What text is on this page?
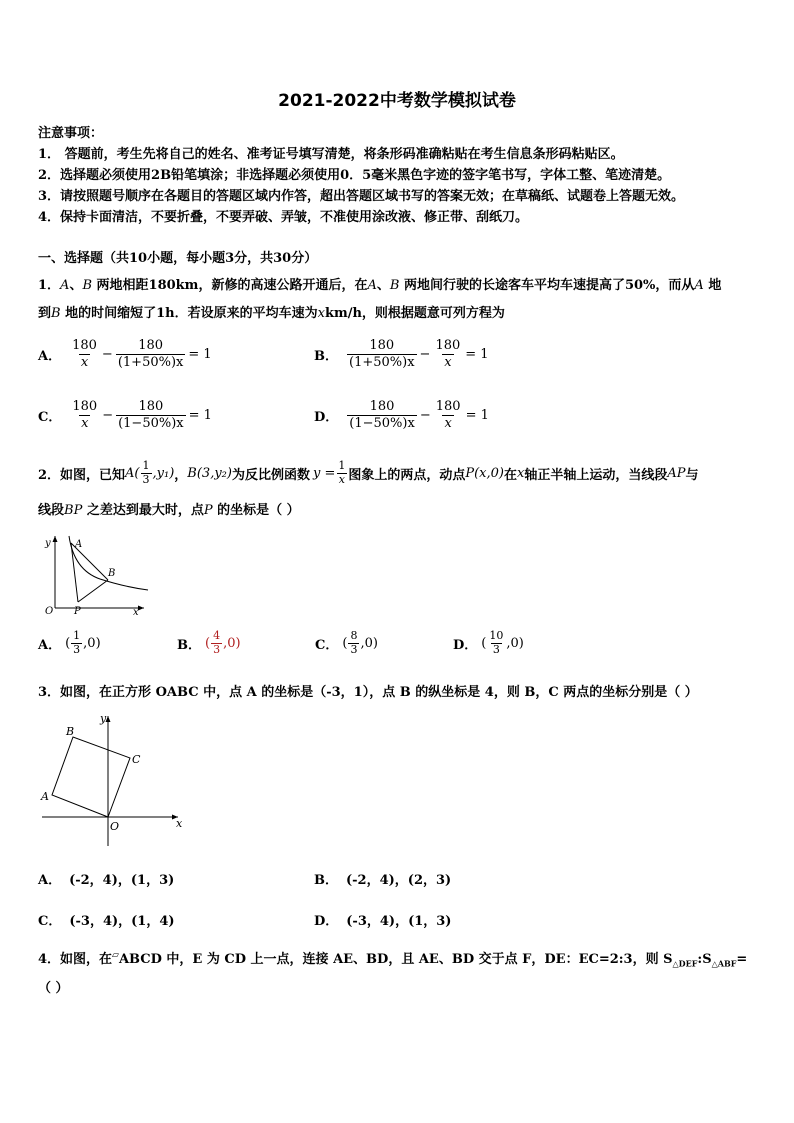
2021-2022中考数学模拟试卷
注意事项：
1． 答题前，考生先将自己的姓名、准考证号填写清楚，将条形码准确粘贴在考生信息条形码粘贴区。
2．选择题必须使用2B铅笔填涂；非选择题必须使用0．5毫米黑色字迹的签字笔书写，字体工整、笔迹清楚。
3．请按照题号顺序在各题目的答题区域内作答，超出答题区域书写的答案无效；在草稿纸、试题卷上答题无效。
4．保持卡面清洁，不要折叠，不要弄破、弄皱，不准使用涂改液、修正带、刮纸刀。
一、选择题（共10小题，每小题3分，共30分）
1．A、B 两地相距180km，新修的高速公路开通后，在A、B 两地间行驶的长途客车平均车速提高了50%，而从A 地
到B 地的时间缩短了1h．若设原来的平均车速为xkm/h，则根据题意可列方程为
A． $\frac{180}{x} - \frac{180}{(1+50\%)x} = 1$	B． $\frac{180}{(1+50\%)x} - \frac{180}{x} = 1$
C． $\frac{180}{x} - \frac{180}{(1-50\%)x} = 1$	D． $\frac{180}{(1-50\%)x} - \frac{180}{x} = 1$
2．如图，已知 $A( \frac{1}{3} ,y_1)$ ， B(3,y₂) 为反比例函数 $y = \frac{1}{x}$ 图象上的两点，动点 P(x,0) 在 x 轴正半轴上运动，当线段 AP 与
线段BP 之差达到最大时，点P 的坐标是（ ）
y A
B
O P	x
A． ( $\frac{1}{3} ,0$)	B． ( $\frac{4}{3} ,0$)	C． ( $\frac{8}{3} ,0$)	D． ( $\frac{10}{3} ,0$)
3．如图，在正方形 OABC 中，点 A 的坐标是（-3，1），点 B 的纵坐标是 4，则 B，C 两点的坐标分别是（ ）
y
B
C
A
O	x
A． (-2，4)，(1，3)	B． (-2，4)，(2，3)
C． (-3，4)，(1，4)	D． (-3，4)，(1，3)
4．如图，在▱ABCD 中，E 为 CD 上一点，连接 AE、BD，且 AE、BD 交于点 F，DE：EC=2:3，则 $S_{\triangle DEF}:S_{\triangle ABF}=$
（ ）
